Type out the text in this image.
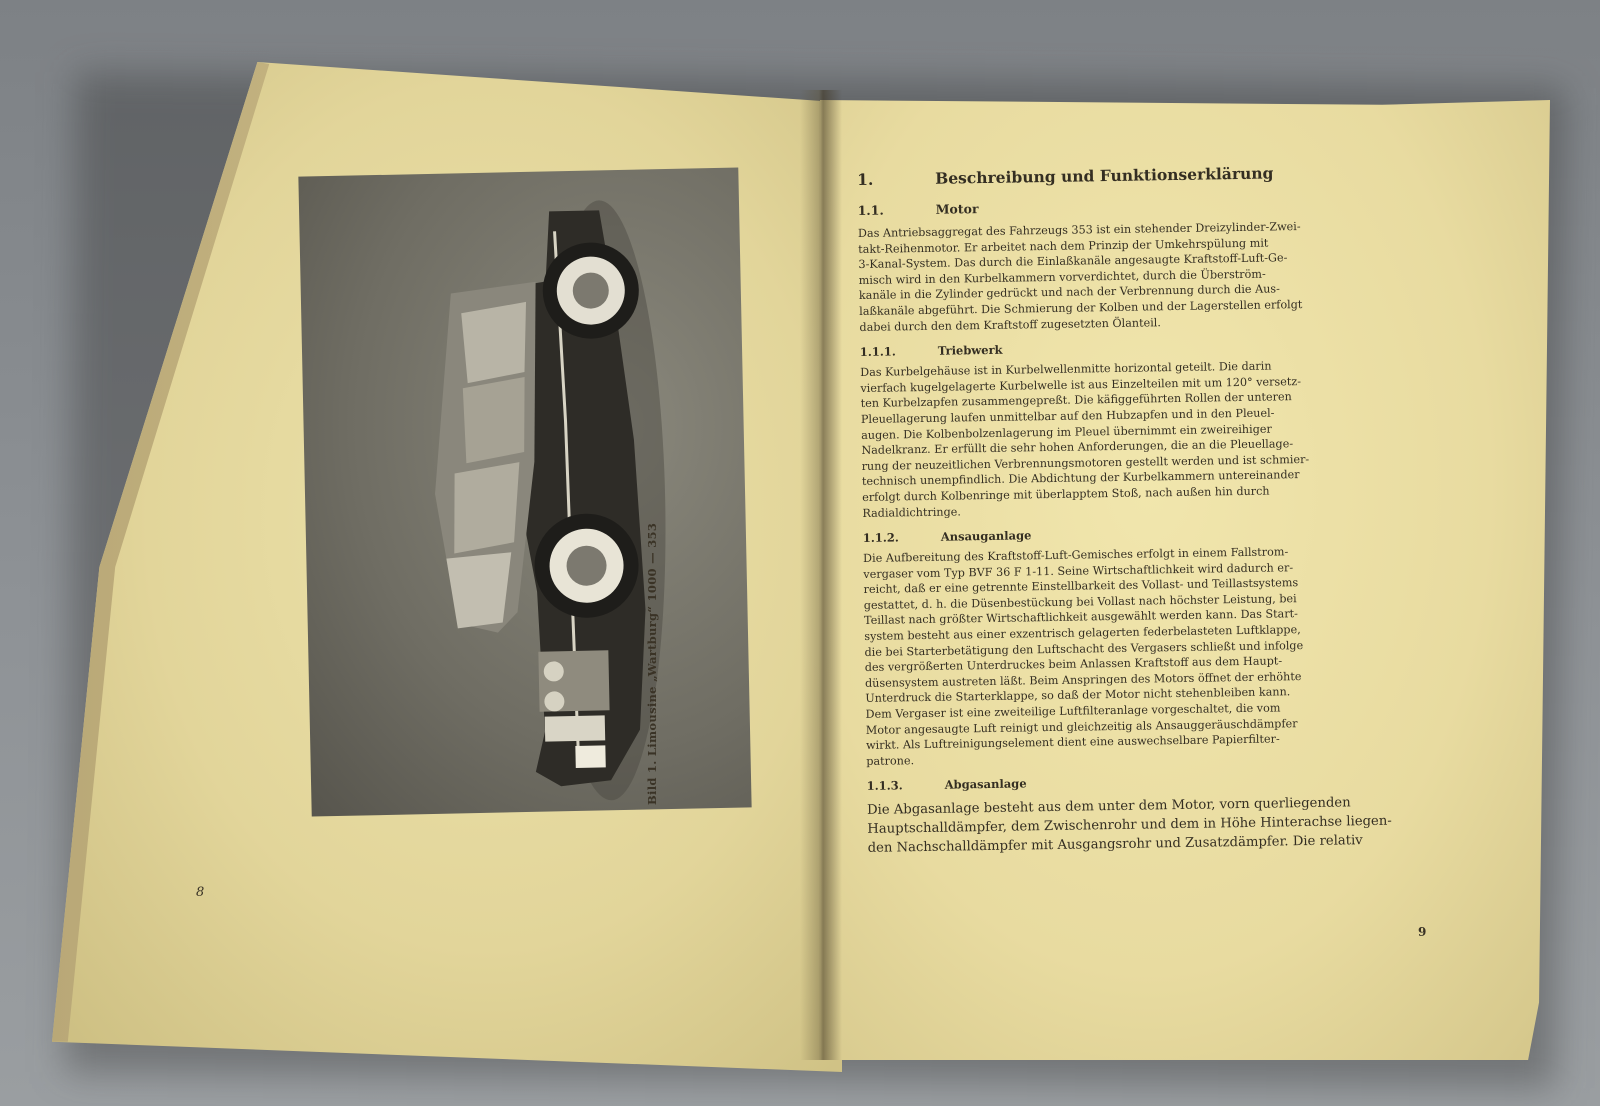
Bild 1. Limousine „Wartburg“ 1000 — 353
8
9
1.	Beschreibung und Funktionserklärung
1.1.	Motor
Das Antriebsaggregat des Fahrzeugs 353 ist ein stehender Dreizylinder-Zwei-
takt-Reihenmotor. Er arbeitet nach dem Prinzip der Umkehrspülung mit
3-Kanal-System. Das durch die Einlaßkanäle angesaugte Kraftstoff-Luft-Ge-
misch wird in den Kurbelkammern vorverdichtet, durch die Überström-
kanäle in die Zylinder gedrückt und nach der Verbrennung durch die Aus-
laßkanäle abgeführt. Die Schmierung der Kolben und der Lagerstellen erfolgt
dabei durch den dem Kraftstoff zugesetzten Ölanteil.
1.1.1.	Triebwerk
Das Kurbelgehäuse ist in Kurbelwellenmitte horizontal geteilt. Die darin
vierfach kugelgelagerte Kurbelwelle ist aus Einzelteilen mit um 120° versetz-
ten Kurbelzapfen zusammengepreßt. Die käfiggeführten Rollen der unteren
Pleuellagerung laufen unmittelbar auf den Hubzapfen und in den Pleuel-
augen. Die Kolbenbolzenlagerung im Pleuel übernimmt ein zweireihiger
Nadelkranz. Er erfüllt die sehr hohen Anforderungen, die an die Pleuellage-
rung der neuzeitlichen Verbrennungsmotoren gestellt werden und ist schmier-
technisch unempfindlich. Die Abdichtung der Kurbelkammern untereinander
erfolgt durch Kolbenringe mit überlapptem Stoß, nach außen hin durch
Radialdichtringe.
1.1.2.	Ansauganlage
Die Aufbereitung des Kraftstoff-Luft-Gemisches erfolgt in einem Fallstrom-
vergaser vom Typ BVF 36 F 1-11. Seine Wirtschaftlichkeit wird dadurch er-
reicht, daß er eine getrennte Einstellbarkeit des Vollast- und Teillastsystems
gestattet, d. h. die Düsenbestückung bei Vollast nach höchster Leistung, bei
Teillast nach größter Wirtschaftlichkeit ausgewählt werden kann. Das Start-
system besteht aus einer exzentrisch gelagerten federbelasteten Luftklappe,
die bei Starterbetätigung den Luftschacht des Vergasers schließt und infolge
des vergrößerten Unterdruckes beim Anlassen Kraftstoff aus dem Haupt-
düsensystem austreten läßt. Beim Anspringen des Motors öffnet der erhöhte
Unterdruck die Starterklappe, so daß der Motor nicht stehenbleiben kann.
Dem Vergaser ist eine zweiteilige Luftfilteranlage vorgeschaltet, die vom
Motor angesaugte Luft reinigt und gleichzeitig als Ansauggeräuschdämpfer
wirkt. Als Luftreinigungselement dient eine auswechselbare Papierfilter-
patrone.
1.1.3.	Abgasanlage
Die Abgasanlage besteht aus dem unter dem Motor, vorn querliegenden
Hauptschalldämpfer, dem Zwischenrohr und dem in Höhe Hinterachse liegen-
den Nachschalldämpfer mit Ausgangsrohr und Zusatzdämpfer. Die relativ
